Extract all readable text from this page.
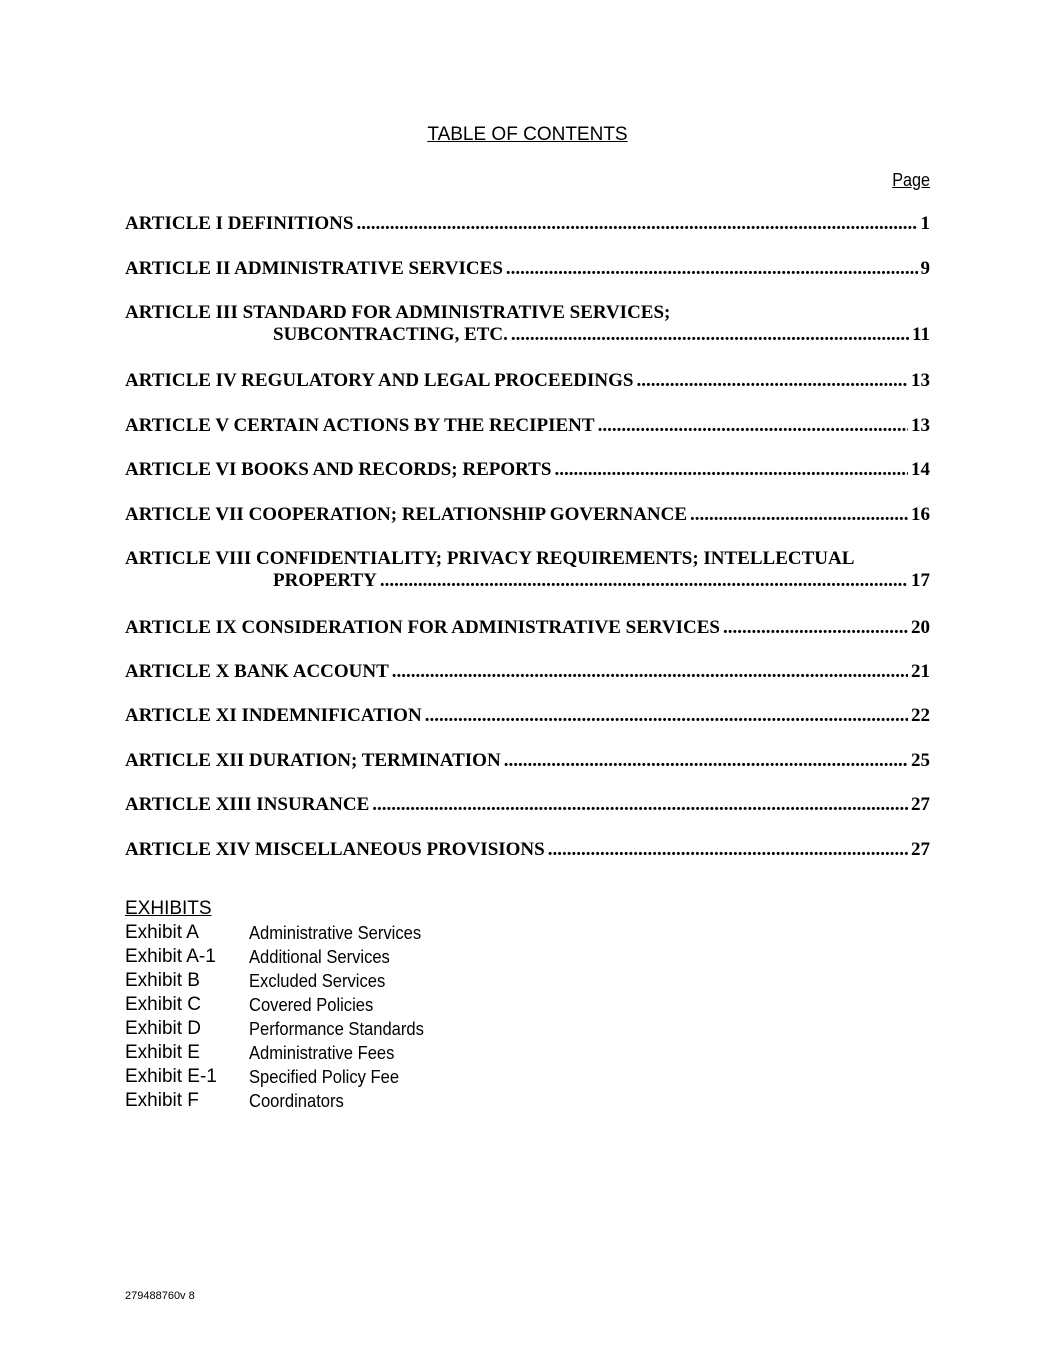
TABLE OF CONTENTS
Page
ARTICLE I DEFINITIONS .....	1
ARTICLE II ADMINISTRATIVE SERVICES .....	9
ARTICLE III STANDARD FOR ADMINISTRATIVE SERVICES;
SUBCONTRACTING, ETC. .....	11
ARTICLE IV REGULATORY AND LEGAL PROCEEDINGS .....	13
ARTICLE V CERTAIN ACTIONS BY THE RECIPIENT .....	13
ARTICLE VI BOOKS AND RECORDS; REPORTS .....	14
ARTICLE VII COOPERATION; RELATIONSHIP GOVERNANCE .....	16
ARTICLE VIII CONFIDENTIALITY; PRIVACY REQUIREMENTS; INTELLECTUAL
PROPERTY .....	17
ARTICLE IX CONSIDERATION FOR ADMINISTRATIVE SERVICES .....	20
ARTICLE X BANK ACCOUNT .....	21
ARTICLE XI INDEMNIFICATION .....	22
ARTICLE XII DURATION; TERMINATION .....	25
ARTICLE XIII INSURANCE .....	27
ARTICLE XIV MISCELLANEOUS PROVISIONS .....	27
EXHIBITS
Exhibit A	Administrative Services
Exhibit A-1	Additional Services
Exhibit B	Excluded Services
Exhibit C	Covered Policies
Exhibit D	Performance Standards
Exhibit E	Administrative Fees
Exhibit E-1	Specified Policy Fee
Exhibit F	Coordinators
279488760v 8
